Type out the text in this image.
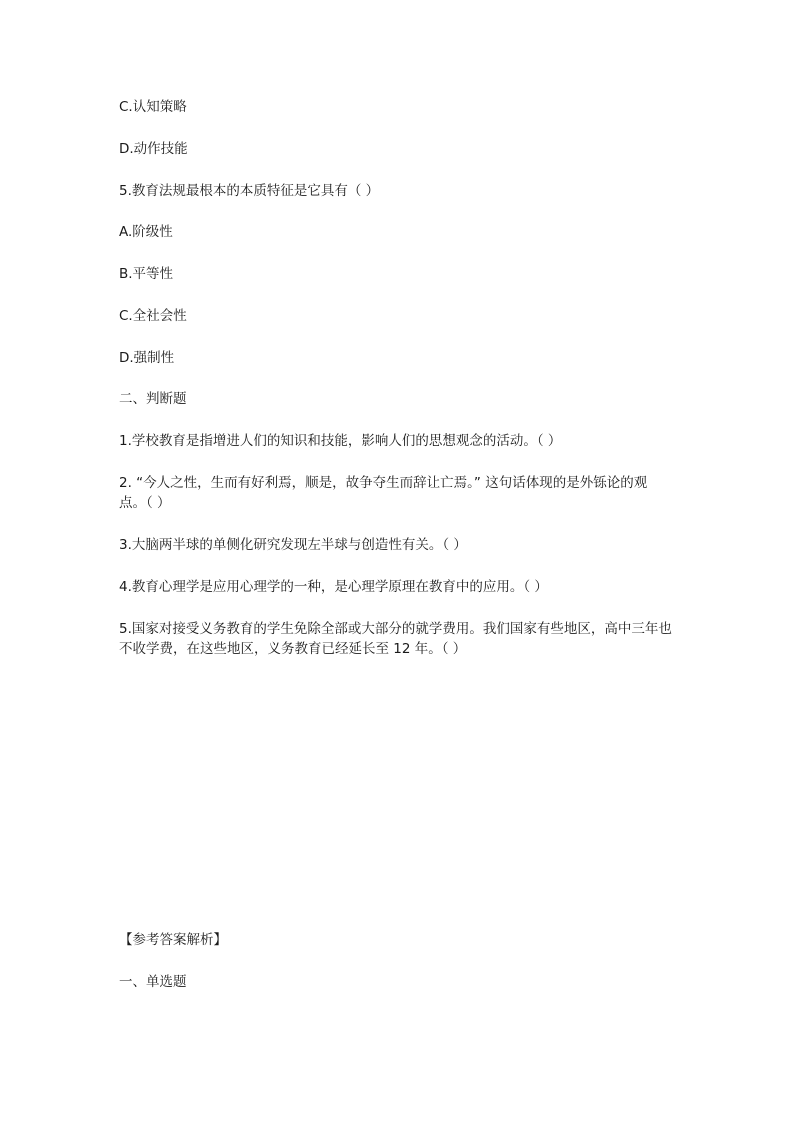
C.认知策略
D.动作技能
5.教育法规最根本的本质特征是它具有（ ）
A.阶级性
B.平等性
C.全社会性
D.强制性
二、判断题
1.学校教育是指增进人们的知识和技能，影响人们的思想观念的活动。（ ）
2. “今人之性，生而有好利焉，顺是，故争夺生而辞让亡焉。” 这句话体现的是外铄论的观点。（ ）
3.大脑两半球的单侧化研究发现左半球与创造性有关。（ ）
4.教育心理学是应用心理学的一种，是心理学原理在教育中的应用。（ ）
5.国家对接受义务教育的学生免除全部或大部分的就学费用。我们国家有些地区，高中三年也不收学费，在这些地区，义务教育已经延长至 12 年。（ ）
【参考答案解析】
一、单选题
